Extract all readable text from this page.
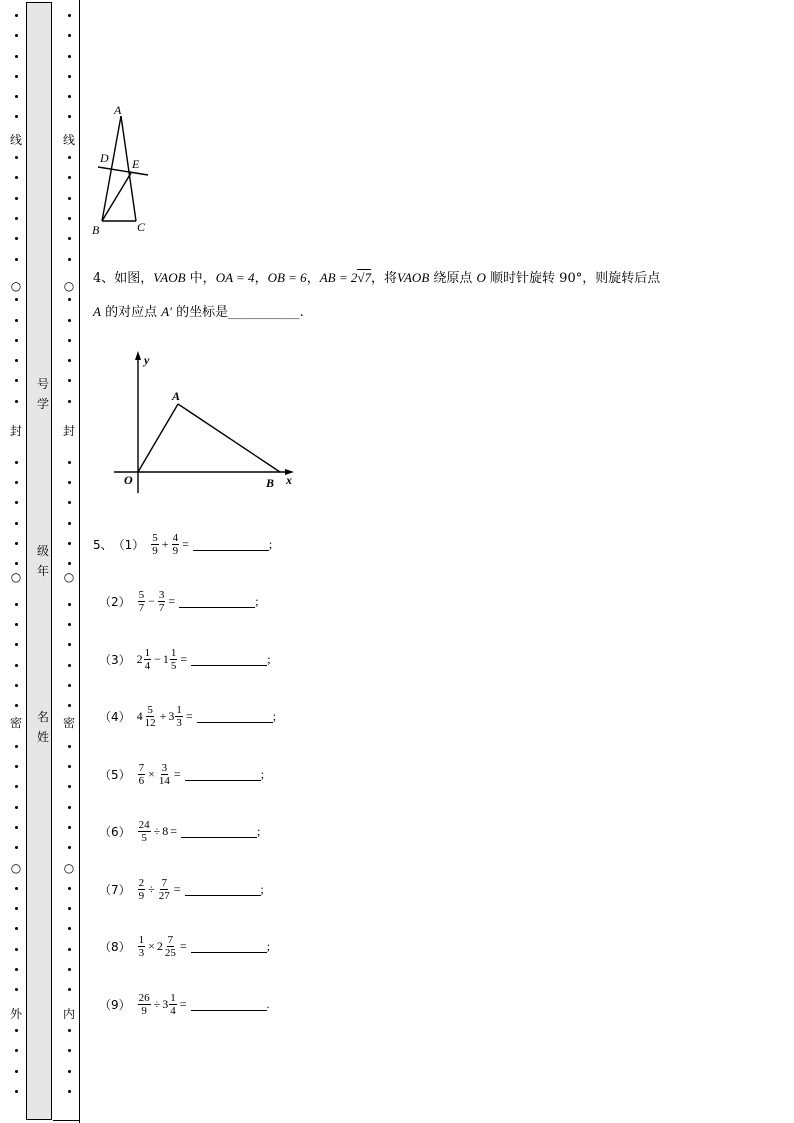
线
○
封
○
密
○
外
线
○
封
○
密
○
内
号学
级年
名姓
A
D E
B	C
4、如图，VAOB 中，OA = 4，OB = 6，AB = 2√7，将VAOB 绕原点 O 顺时针旋转 90°，则旋转后点
A 的对应点 A′ 的坐标是___________.
y
x
A
O	B
5、 $(1) \frac{5}{9} + \frac{4}{9}$ =	;
$(2) \frac{5}{7} - \frac{3}{7}$ =	;
（3） $2 \frac{1}{4} - 1 \frac{1}{5}$ =	;
（4） $4 \frac{5}{12} + 3 \frac{1}{3}$ =	;
$(5) \frac{7}{6} \times \frac{3}{14}$ =	;
$(6) \frac{24}{5} \div 8$ =	;
$(7) \frac{2}{9} \div \frac{7}{27}$ =	;
$(8) \frac{1}{3} \times 2 \frac{7}{25}$ =	;
$(9) \frac{26}{9} \div 3 \frac{1}{4}$ =	.
